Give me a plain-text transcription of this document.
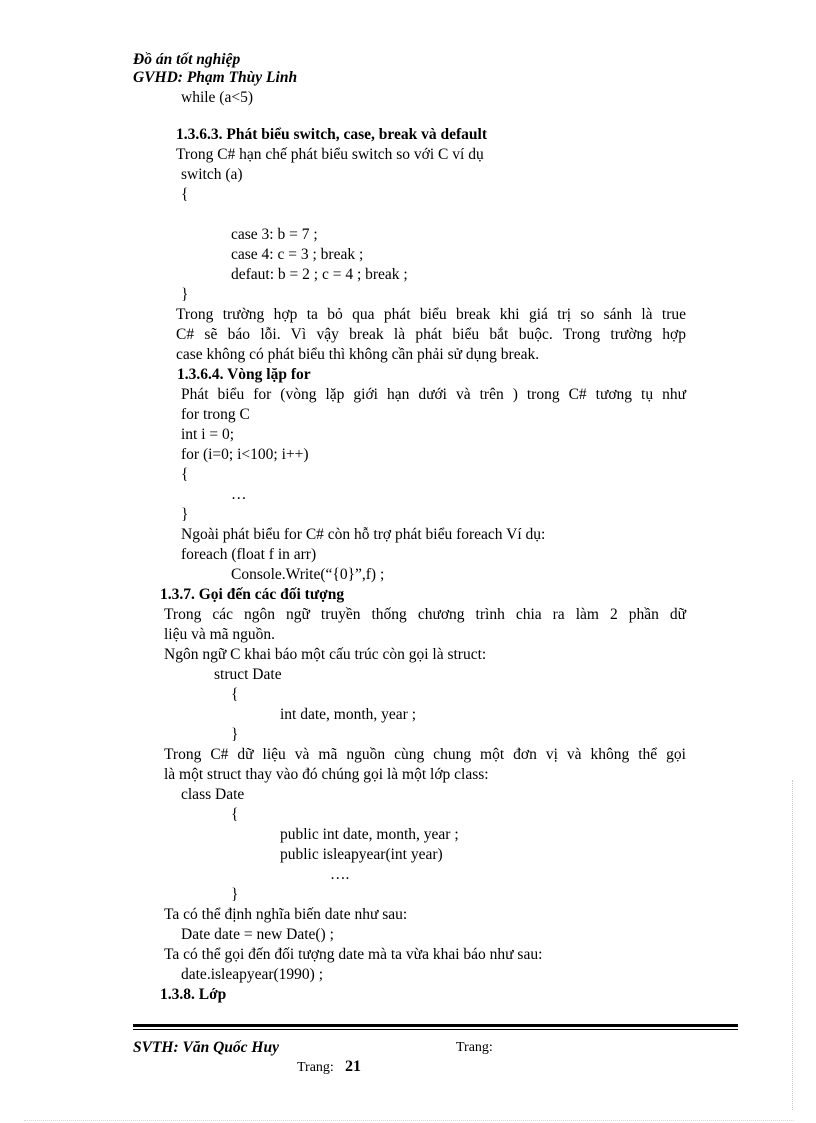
Đồ án tốt nghiệp
GVHD: Phạm Thùy Linh
while (a<5)
1.3.6.3. Phát biểu switch, case, break và default
Trong C# hạn chế phát biểu switch so với C ví dụ
switch (a)
{
case 3: b = 7 ;
case 4: c = 3 ; break ;
defaut: b = 2 ; c = 4 ; break ;
}
Trong trường hợp ta bỏ qua phát biểu break khi giá trị so sánh là true
C# sẽ báo lỗi. Vì vậy break là phát biểu bắt buộc. Trong trường hợp
case không có phát biểu thì không cần phải sử dụng break.
1.3.6.4. Vòng lặp for
Phát biểu for (vòng lặp giới hạn dưới và trên ) trong C# tương tụ như
for trong C
int i = 0;
for (i=0; i<100; i++)
{
…
}
Ngoài phát biểu for C# còn hỗ trợ phát biểu foreach Ví dụ:
foreach (float f in arr)
Console.Write(“{0}”,f) ;
1.3.7. Gọi đến các đối tượng
Trong các ngôn ngữ truyền thống chương trình chia ra làm 2 phần dữ
liệu và mã nguồn.
Ngôn ngữ C khai báo một cấu trúc còn gọi là struct:
struct Date
{
int date, month, year ;
}
Trong C# dữ liệu và mã nguồn cùng chung một đơn vị và không thể gọi
là một struct thay vào đó chúng gọi là một lớp class:
class Date
{
public int date, month, year ;
public isleapyear(int year)
….
}
Ta có thể định nghĩa biến date như sau:
Date date = new Date() ;
Ta có thể gọi đến đối tượng date mà ta vừa khai báo như sau:
date.isleapyear(1990) ;
1.3.8. Lớp
SVTH: Văn Quốc Huy	Trang:
Trang: 21
